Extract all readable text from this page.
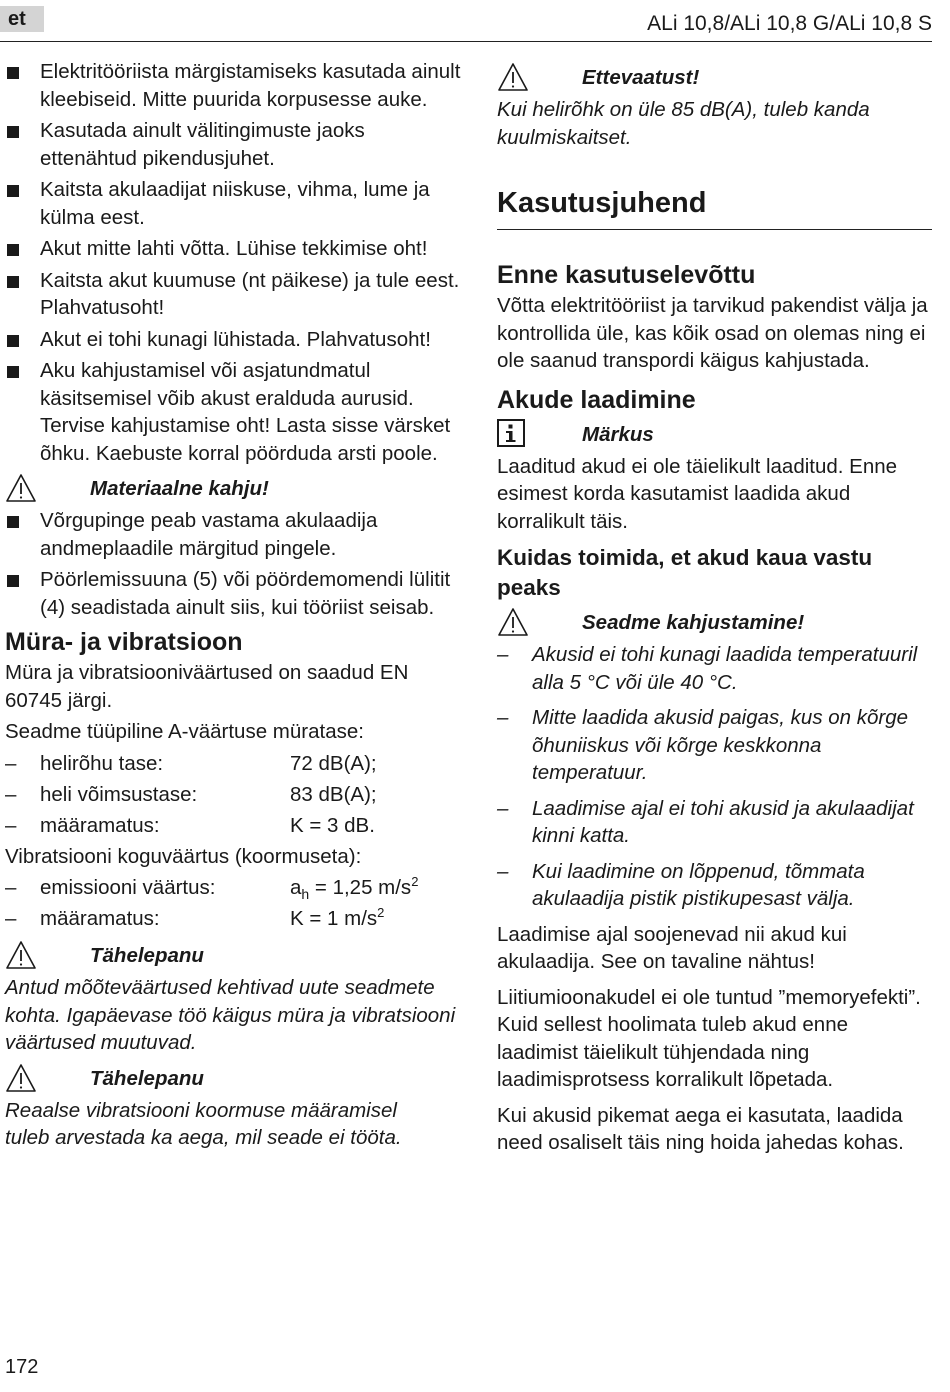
et	ALi 10,8/ALi 10,8 G/ALi 10,8 S
Elektritööriista märgistamiseks kasutada ainult kleebiseid. Mitte puurida korpusesse auke.
Kasutada ainult välitingimuste jaoks ettenähtud pikendusjuhet.
Kaitsta akulaadijat niiskuse, vihma, lume ja külma eest.
Akut mitte lahti võtta. Lühise tekkimise oht!
Kaitsta akut kuumuse (nt päikese) ja tule eest. Plahvatusoht!
Akut ei tohi kunagi lühistada. Plahvatusoht!
Aku kahjustamisel või asjatundmatul käsitsemisel võib akust eralduda aurusid. Tervise kahjustamise oht! Lasta sisse värsket õhku. Kaebuste korral pöörduda arsti poole.
Materiaalne kahju!
Võrgupinge peab vastama akulaadija andmeplaadile märgitud pingele.
Pöörlemissuuna (5) või pöördemomendi lülitit (4) seadistada ainult siis, kui tööriist seisab.
Müra- ja vibratsioon
Müra ja vibratsiooniväärtused on saadud EN 60745 järgi.
Seadme tüüpiline A-väärtuse müratase:
– helirõhu tase:	72 dB(A);
– heli võimsustase:	83 dB(A);
– määramatus:	K = 3 dB.
Vibratsiooni koguväärtus (koormuseta):
– emissiooni väärtus:	$a_h = 1,25$ $m/s^2$
– määramatus:	K = 1 $m/s^2$
Tähelepanu
Antud mõõteväärtused kehtivad uute seadmete kohta. Igapäevase töö käigus müra ja vibratsiooni väärtused muutuvad.
Tähelepanu
Reaalse vibratsiooni koormuse määramisel tuleb arvestada ka aega, mil seade ei tööta.
Ettevaatust!
Kui helirõhk on üle 85 dB(A), tuleb kanda kuulmiskaitset.
Kasutusjuhend
Enne kasutuselevõttu
Võtta elektritööriist ja tarvikud pakendist välja ja kontrollida üle, kas kõik osad on olemas ning ei ole saanud transpordi käigus kahjustada.
Akude laadimine
Märkus
Laaditud akud ei ole täielikult laaditud. Enne esimest korda kasutamist laadida akud korralikult täis.
Kuidas toimida, et akud kaua vastu peaks
Seadme kahjustamine!
– Akusid ei tohi kunagi laadida temperatuuril alla 5 °C või üle 40 °C.
– Mitte laadida akusid paigas, kus on kõrge õhuniiskus või kõrge keskkonna temperatuur.
– Laadimise ajal ei tohi akusid ja akulaadijat kinni katta.
– Kui laadimine on lõppenud, tõmmata akulaadija pistik pistikupesast välja.
Laadimise ajal soojenevad nii akud kui akulaadija. See on tavaline nähtus!
Liitiumioonakudel ei ole tuntud ”memoryefekti”. Kuid sellest hoolimata tuleb akud enne laadimist täielikult tühjendada ning laadimisprotsess korralikult lõpetada.
Kui akusid pikemat aega ei kasutata, laadida need osaliselt täis ning hoida jahedas kohas.
172
